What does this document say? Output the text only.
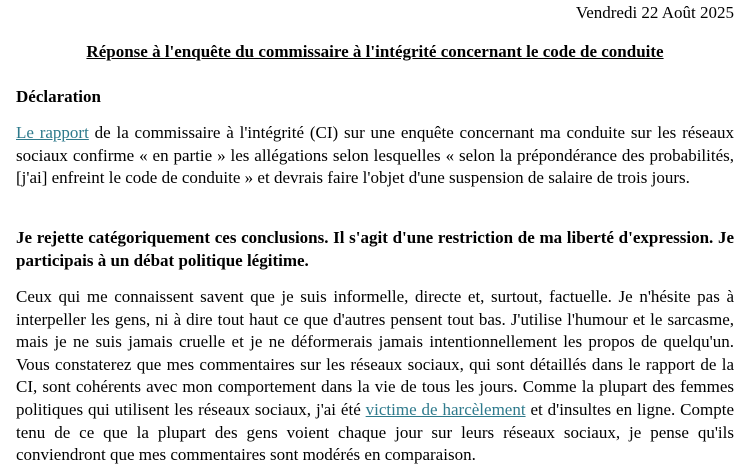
Vendredi 22 Août 2025
Réponse à l'enquête du commissaire à l'intégrité concernant le code de conduite
Déclaration

Le rapport de la commissaire à l'intégrité (CI) sur une enquête concernant ma conduite sur les réseaux sociaux confirme « en partie » les allégations selon lesquelles « selon la prépondérance des probabilités, [j'ai] enfreint le code de conduite » et devrais faire l'objet d'une suspension de salaire de trois jours.

Je rejette catégoriquement ces conclusions. Il s'agit d'une restriction de ma liberté d'expression. Je participais à un débat politique légitime.

Ceux qui me connaissent savent que je suis informelle, directe et, surtout, factuelle. Je n'hésite pas à interpeller les gens, ni à dire tout haut ce que d'autres pensent tout bas. J'utilise l'humour et le sarcasme, mais je ne suis jamais cruelle et je ne déformerais jamais intentionnellement les propos de quelqu'un. Vous constaterez que mes commentaires sur les réseaux sociaux, qui sont détaillés dans le rapport de la CI, sont cohérents avec mon comportement dans la vie de tous les jours. Comme la plupart des femmes politiques qui utilisent les réseaux sociaux, j'ai été victime de harcèlement et d'insultes en ligne. Compte tenu de ce que la plupart des gens voient chaque jour sur leurs réseaux sociaux, je pense qu'ils conviendront que mes commentaires sont modérés en comparaison.
